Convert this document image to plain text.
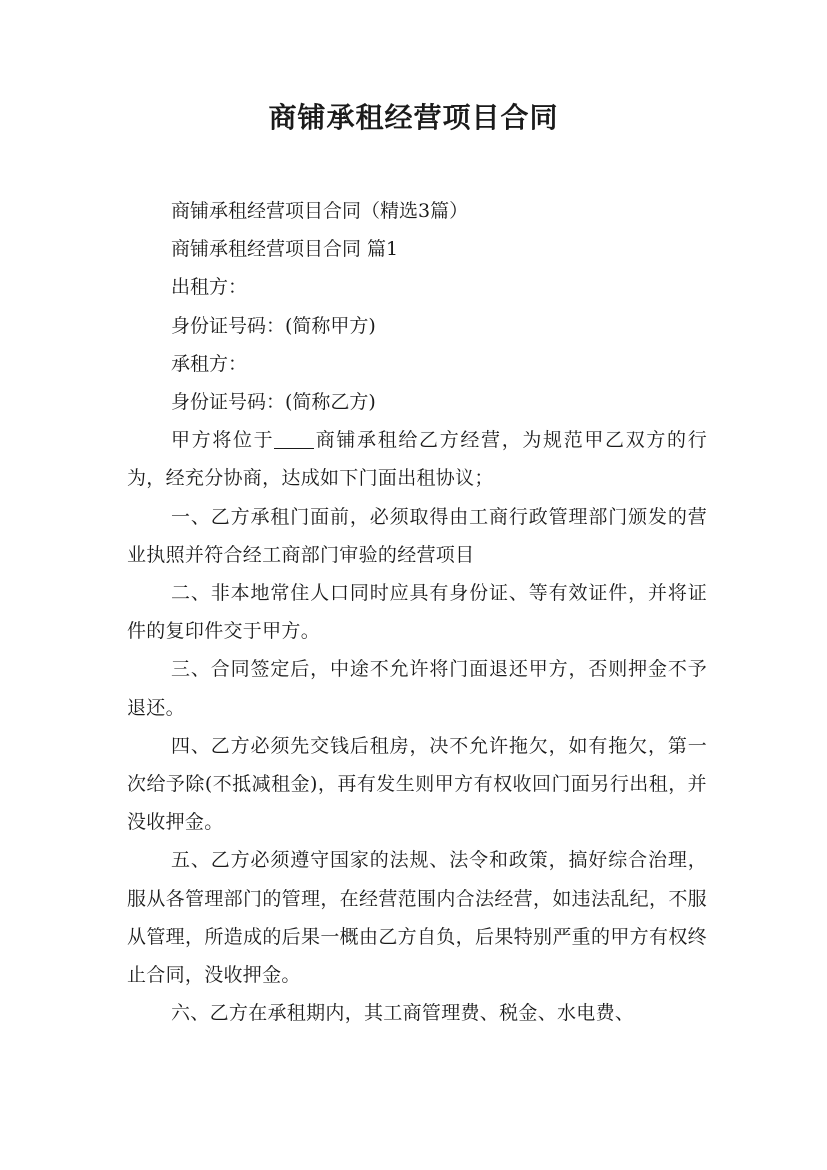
商铺承租经营项目合同

商铺承租经营项目合同（精选3篇）

商铺承租经营项目合同 篇1

出租方：

身份证号码：(简称甲方)

承租方：

身份证号码：(简称乙方)

甲方将位于 商铺承租给乙方经营，为规范甲乙双方的行为，经充分协商，达成如下门面出租协议；

一、乙方承租门面前，必须取得由工商行政管理部门颁发的营业执照并符合经工商部门审验的经营项目

二、非本地常住人口同时应具有身份证、等有效证件，并将证件的复印件交于甲方。

三、合同签定后，中途不允许将门面退还甲方，否则押金不予退还。

四、乙方必须先交钱后租房，决不允许拖欠，如有拖欠，第一次给予除(不抵减租金)，再有发生则甲方有权收回门面另行出租，并没收押金。

五、乙方必须遵守国家的法规、法令和政策，搞好综合治理，服从各管理部门的管理，在经营范围内合法经营，如违法乱纪，不服从管理，所造成的后果一概由乙方自负，后果特别严重的甲方有权终止合同，没收押金。

六、乙方在承租期内，其工商管理费、税金、水电费、
